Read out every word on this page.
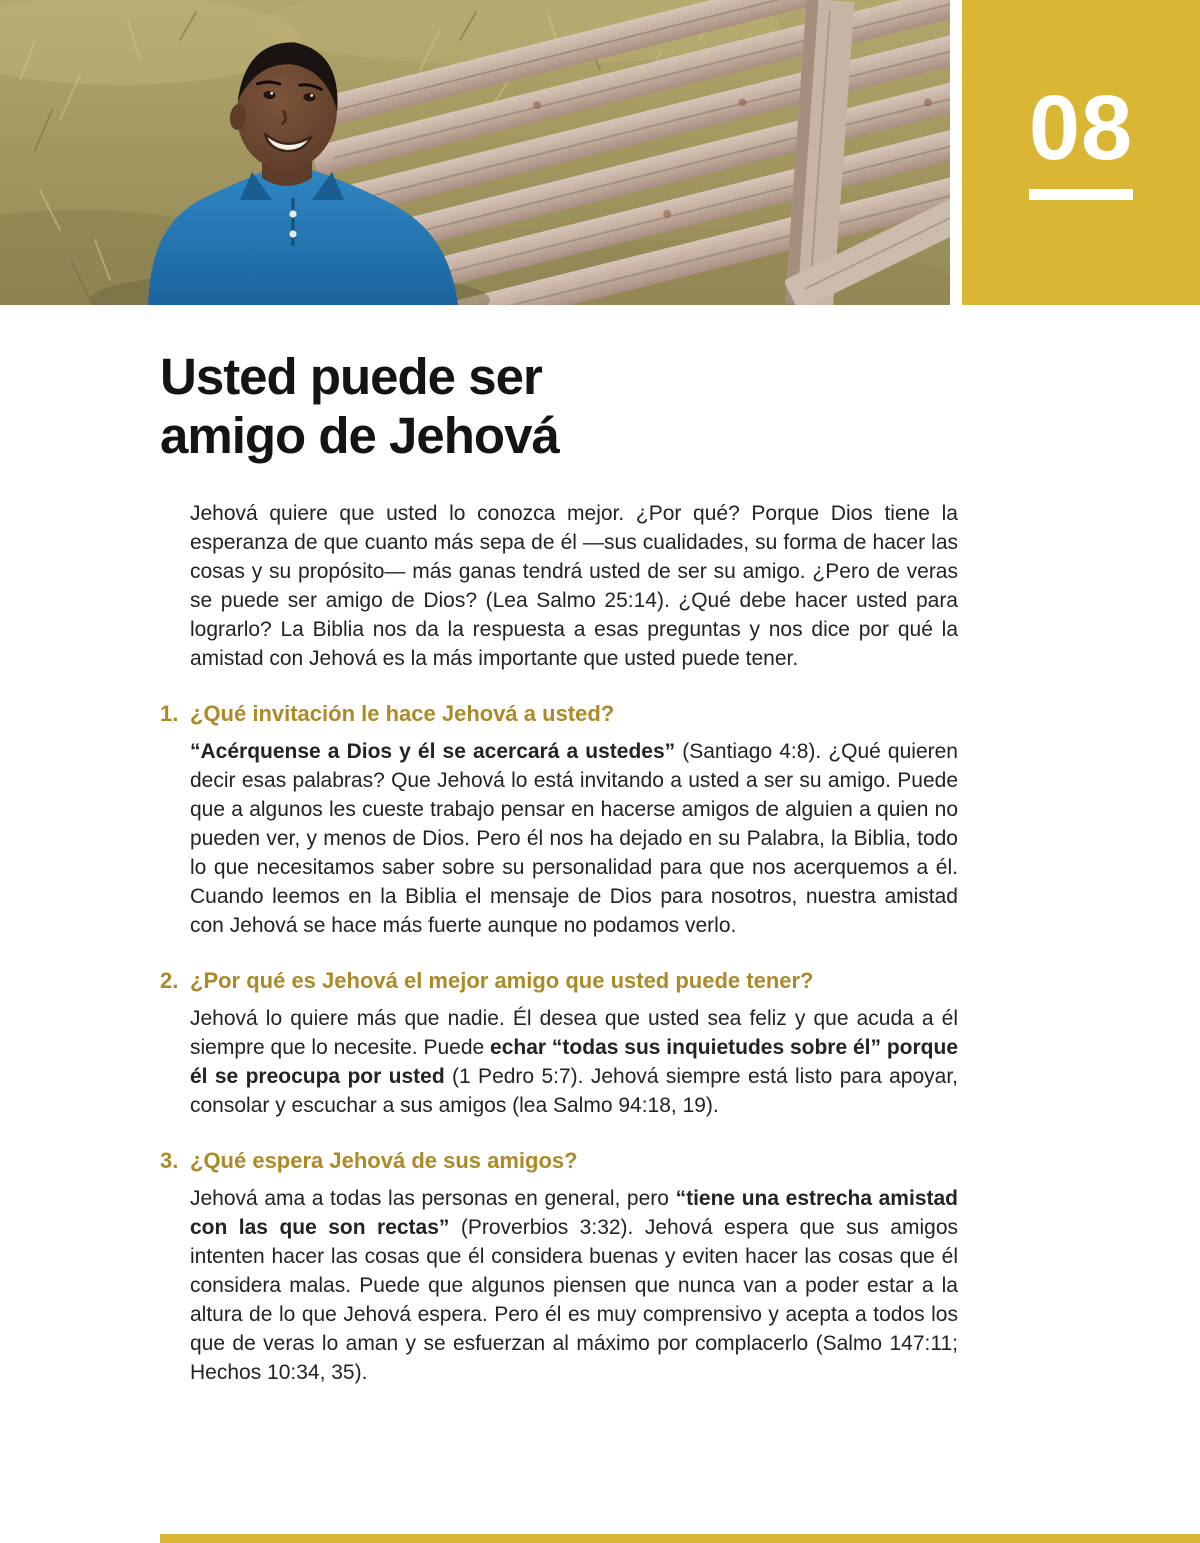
08
Usted puede ser
amigo de Jehová

Jehová quiere que usted lo conozca mejor. ¿Por qué? Porque Dios tiene la esperanza de que cuanto más sepa de él —sus cualidades, su forma de hacer las cosas y su propósito— más ganas tendrá usted de ser su amigo. ¿Pero de veras se puede ser amigo de Dios? (Lea Salmo 25:14). ¿Qué debe hacer usted para lograrlo? La Biblia nos da la respuesta a esas preguntas y nos dice por qué la amistad con Jehová es la más importante que usted puede tener.

1. ¿Qué invitación le hace Jehová a usted?

“Acérquense a Dios y él se acercará a ustedes” (Santiago 4:8). ¿Qué quieren decir esas palabras? Que Jehová lo está invitando a usted a ser su amigo. Puede que a algunos les cueste trabajo pensar en hacerse amigos de alguien a quien no pueden ver, y menos de Dios. Pero él nos ha dejado en su Palabra, la Biblia, todo lo que necesitamos saber sobre su personalidad para que nos acerquemos a él. Cuando leemos en la Biblia el mensaje de Dios para nosotros, nuestra amistad con Jehová se hace más fuerte aunque no podamos verlo.

2. ¿Por qué es Jehová el mejor amigo que usted puede tener?

Jehová lo quiere más que nadie. Él desea que usted sea feliz y que acuda a él siempre que lo necesite. Puede echar “todas sus inquietudes sobre él” porque él se preocupa por usted (1 Pedro 5:7). Jehová siempre está listo para apoyar, consolar y escuchar a sus amigos (lea Salmo 94:18, 19).

3. ¿Qué espera Jehová de sus amigos?

Jehová ama a todas las personas en general, pero “tiene una estrecha amistad con las que son rectas” (Proverbios 3:32). Jehová espera que sus amigos intenten hacer las cosas que él considera buenas y eviten hacer las cosas que él considera malas. Puede que algunos piensen que nunca van a poder estar a la altura de lo que Jehová espera. Pero él es muy comprensivo y acepta a todos los que de veras lo aman y se esfuerzan al máximo por complacerlo (Salmo 147:11; Hechos 10:34, 35).
